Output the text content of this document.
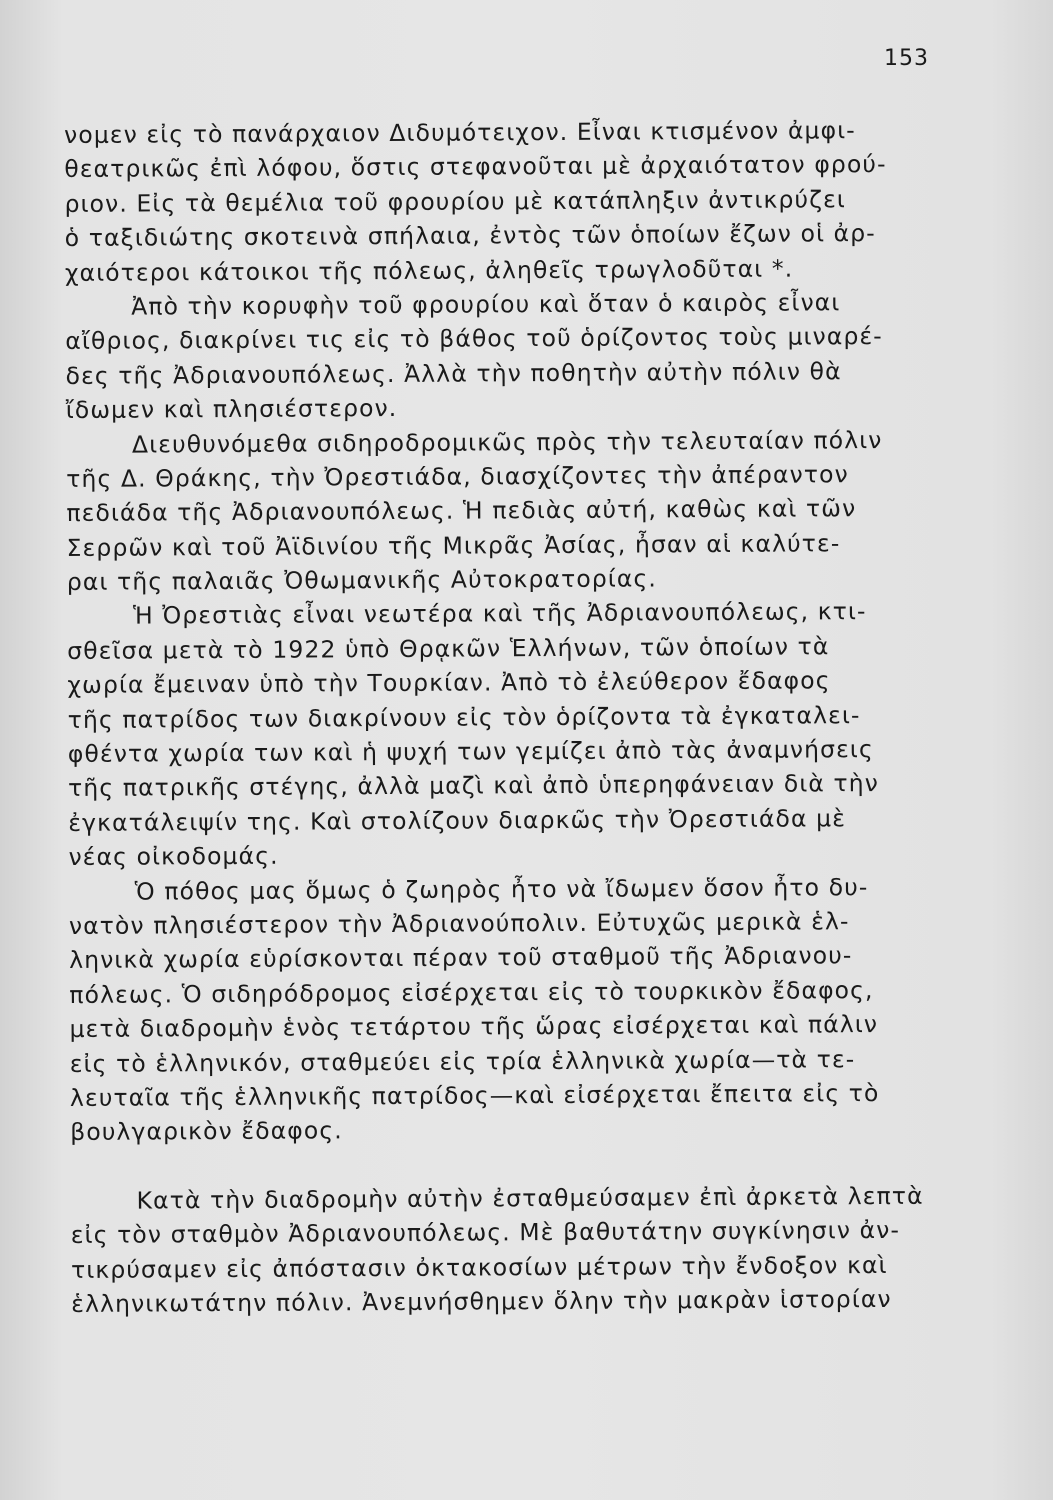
153
νομεν εἰς τὸ πανάρχαιον Διδυμότειχον. Εἶναι κτισμένον ἀμφι-
θεατρικῶς ἐπὶ λόφου, ὅστις στεφανοῦται μὲ ἀρχαιότατον φρού-
ριον. Εἰς τὰ θεμέλια τοῦ φρουρίου μὲ κατάπληξιν ἀντικρύζει
ὁ ταξιδιώτης σκοτεινὰ σπήλαια, ἐντὸς τῶν ὁποίων ἔζων οἱ ἀρ-
χαιότεροι κάτοικοι τῆς πόλεως, ἀληθεῖς τρωγλοδῦται *.
Ἀπὸ τὴν κορυφὴν τοῦ φρουρίου καὶ ὅταν ὁ καιρὸς εἶναι
αἴθριος, διακρίνει τις εἰς τὸ βάθος τοῦ ὁρίζοντος τοὺς μιναρέ-
δες τῆς Ἀδριανουπόλεως. Ἀλλὰ τὴν ποθητὴν αὐτὴν πόλιν θὰ
ἴδωμεν καὶ πλησιέστερον.
Διευθυνόμεθα σιδηροδρομικῶς πρὸς τὴν τελευταίαν πόλιν
τῆς Δ. Θράκης, τὴν Ὀρεστιάδα, διασχίζοντες τὴν ἀπέραντον
πεδιάδα τῆς Ἀδριανουπόλεως. Ἡ πεδιὰς αὐτή, καθὼς καὶ τῶν
Σερρῶν καὶ τοῦ Ἀϊδινίου τῆς Μικρᾶς Ἀσίας, ἦσαν αἱ καλύτε-
ραι τῆς παλαιᾶς Ὀθωμανικῆς Αὐτοκρατορίας.
Ἡ Ὀρεστιὰς εἶναι νεωτέρα καὶ τῆς Ἀδριανουπόλεως, κτι-
σθεῖσα μετὰ τὸ 1922 ὑπὸ Θρᾳκῶν Ἑλλήνων, τῶν ὁποίων τὰ
χωρία ἔμειναν ὑπὸ τὴν Τουρκίαν. Ἀπὸ τὸ ἐλεύθερον ἔδαφος
τῆς πατρίδος των διακρίνουν εἰς τὸν ὁρίζοντα τὰ ἐγκαταλει-
φθέντα χωρία των καὶ ἡ ψυχή των γεμίζει ἀπὸ τὰς ἀναμνήσεις
τῆς πατρικῆς στέγης, ἀλλὰ μαζὶ καὶ ἀπὸ ὑπερηφάνειαν διὰ τὴν
ἐγκατάλειψίν της. Καὶ στολίζουν διαρκῶς τὴν Ὀρεστιάδα μὲ
νέας οἰκοδομάς.
Ὁ πόθος μας ὅμως ὁ ζωηρὸς ἦτο νὰ ἴδωμεν ὅσον ἦτο δυ-
νατὸν πλησιέστερον τὴν Ἀδριανούπολιν. Εὐτυχῶς μερικὰ ἑλ-
ληνικὰ χωρία εὑρίσκονται πέραν τοῦ σταθμοῦ τῆς Ἀδριανου-
πόλεως. Ὁ σιδηρόδρομος εἰσέρχεται εἰς τὸ τουρκικὸν ἔδαφος,
μετὰ διαδρομὴν ἑνὸς τετάρτου τῆς ὥρας εἰσέρχεται καὶ πάλιν
εἰς τὸ ἑλληνικόν, σταθμεύει εἰς τρία ἑλληνικὰ χωρία—τὰ τε-
λευταῖα τῆς ἑλληνικῆς πατρίδος—καὶ εἰσέρχεται ἔπειτα εἰς τὸ
βουλγαρικὸν ἔδαφος.
Κατὰ τὴν διαδρομὴν αὐτὴν ἐσταθμεύσαμεν ἐπὶ ἀρκετὰ λεπτὰ
εἰς τὸν σταθμὸν Ἀδριανουπόλεως. Μὲ βαθυτάτην συγκίνησιν ἀν-
τικρύσαμεν εἰς ἀπόστασιν ὀκτακοσίων μέτρων τὴν ἔνδοξον καὶ
ἑλληνικωτάτην πόλιν. Ἀνεμνήσθημεν ὅλην τὴν μακρὰν ἱστορίαν
